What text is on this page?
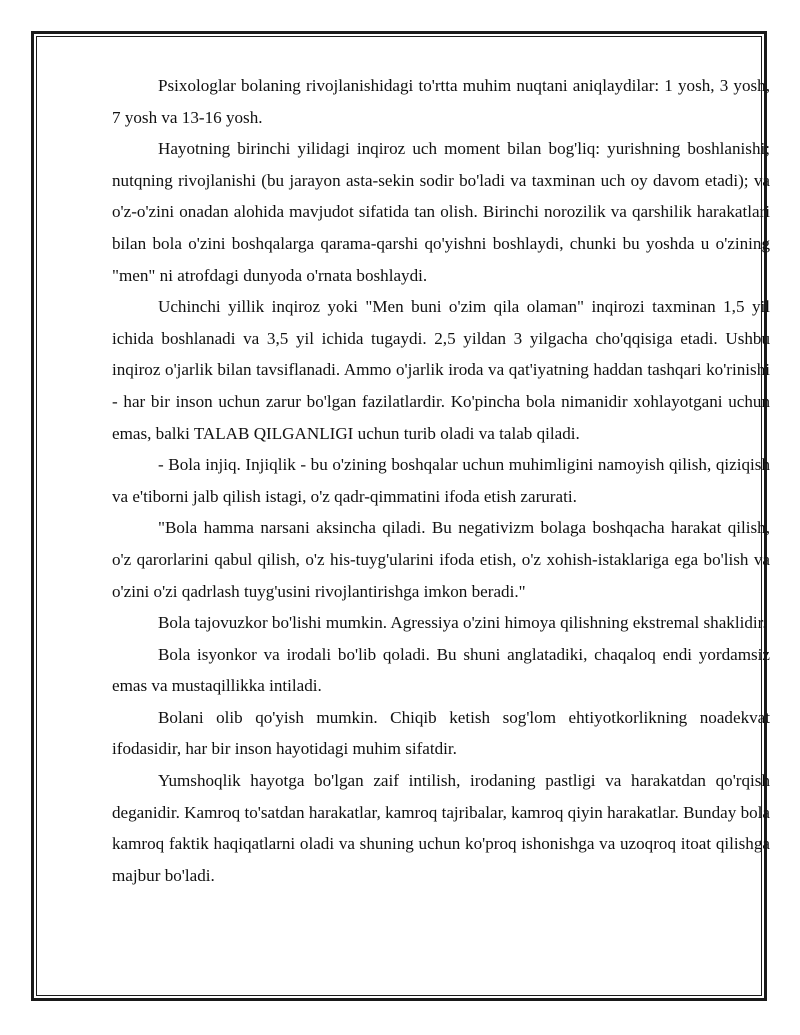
Psixologlar bolaning rivojlanishidagi to'rtta muhim nuqtani aniqlaydilar: 1 yosh, 3 yosh, 7 yosh va 13-16 yosh.

Hayotning birinchi yilidagi inqiroz uch moment bilan bog'liq: yurishning boshlanishi; nutqning rivojlanishi (bu jarayon asta-sekin sodir bo'ladi va taxminan uch oy davom etadi); va o'z-o'zini onadan alohida mavjudot sifatida tan olish. Birinchi norozilik va qarshilik harakatlari bilan bola o'zini boshqalarga qarama-qarshi qo'yishni boshlaydi, chunki bu yoshda u o'zining "men" ni atrofdagi dunyoda o'rnata boshlaydi.

Uchinchi yillik inqiroz yoki "Men buni o'zim qila olaman" inqirozi taxminan 1,5 yil ichida boshlanadi va 3,5 yil ichida tugaydi. 2,5 yildan 3 yilgacha cho'qqisiga etadi. Ushbu inqiroz o'jarlik bilan tavsiflanadi. Ammo o'jarlik iroda va qat'iyatning haddan tashqari ko'rinishi - har bir inson uchun zarur bo'lgan fazilatlardir. Ko'pincha bola nimanidir xohlayotgani uchun emas, balki TALAB QILGANLIGI uchun turib oladi va talab qiladi.

- Bola injiq. Injiqlik - bu o'zining boshqalar uchun muhimligini namoyish qilish, qiziqish va e'tiborni jalb qilish istagi, o'z qadr-qimmatini ifoda etish zarurati.

"Bola hamma narsani aksincha qiladi. Bu negativizm bolaga boshqacha harakat qilish, o'z qarorlarini qabul qilish, o'z his-tuyg'ularini ifoda etish, o'z xohish-istaklariga ega bo'lish va o'zini o'zi qadrlash tuyg'usini rivojlantirishga imkon beradi."

Bola tajovuzkor bo'lishi mumkin. Agressiya o'zini himoya qilishning ekstremal shaklidir.

Bola isyonkor va irodali bo'lib qoladi. Bu shuni anglatadiki, chaqaloq endi yordamsiz emas va mustaqillikka intiladi.

Bolani olib qo'yish mumkin. Chiqib ketish sog'lom ehtiyotkorlikning noadekvat ifodasidir, har bir inson hayotidagi muhim sifatdir.

Yumshoqlik hayotga bo'lgan zaif intilish, irodaning pastligi va harakatdan qo'rqish deganidir. Kamroq to'satdan harakatlar, kamroq tajribalar, kamroq qiyin harakatlar. Bunday bola kamroq faktik haqiqatlarni oladi va shuning uchun ko'proq ishonishga va uzoqroq itoat qilishga majbur bo'ladi.
